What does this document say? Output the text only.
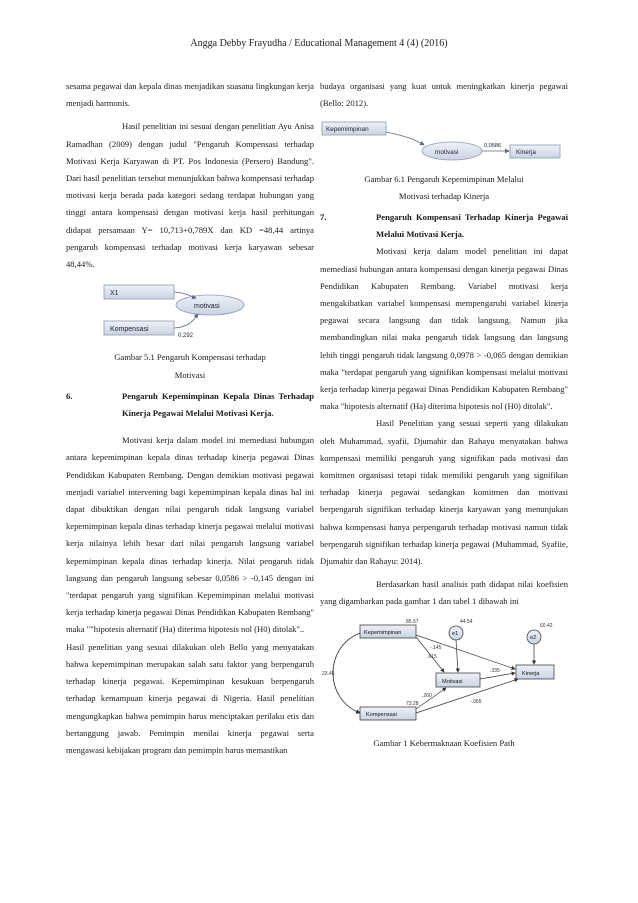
Angga Debby Frayudha / Educational Management 4 (4) (2016)

sesama pegawai dan kepala dinas menjadikan suasana lingkungan kerja menjadi harmonis.

Hasil penelitian ini sesuai dengan penelitian Ayu Anisa Ramadhan (2009) dengan judul "Pengaruh Kompensasi terhadap Motivasi Kerja Karyawan di PT. Pos Indonesia (Persero) Bandung". Dari hasil penelitian tersebut menunjukkan bahwa kompensasi terhadap motivasi kerja berada pada kategori sedang terdapat hubungan yang tinggi antara kompensasi dengan motivasi kerja hasil perhitungan didapat persamaan Y= 10,713+0,789X dan KD =48,44 artinya pengaruh kompensasi terhadap motivasi kerja karyawan sebesar 48,44%.

X1
motivasi
Kompensasi
0,292
Gambar 5.1 Pengaruh Kompensasi terhadap
Motivasi
6.	Pengaruh Kepemimpinan Kepala Dinas Terhadap Kinerja Pegawai Melalui Motivasi Kerja.

Motivasi kerja dalam model ini memediasi hubungan antara kepemimpinan kepala dinas terhadap kinerja pegawai Dinas Pendidikan Kabupaten Rembang. Dengan demikian motivasi pegawai menjadi variabel intervening bagi kepemimpinan kepala dinas hal ini dapat dibuktikan dengan nilai pengaruh tidak langsung variabel kepemimpinan kepala dinas terhadap kinerja pegawai melalui motivasi kerja nilainya lebih besar dari nilai pengaruh langsung variabel kepemimpinan kepala dinas terhadap kinerja. Nilai pengaruh tidak langsung dan pengaruh langsung sebesar 0,0586 > -0,145 dengan ini "terdapat pengaruh yang signifikan Kepemimpinan melalui motivasi kerja terhadap kinerja pegawai Dinas Pendidikan Kabupaten Rembang" maka ""hipotesis alternatif (Ha) diterima hipotesis nol (H0) ditolak"..

Hasil penelitian yang sesuai dilakukan oleh Bello yang menyatakan bahwa kepemimpinan merupakan salah satu faktor yang berpengaruh terhadap kinerja pegawai. Kepemimpinan kesukuan berpengaruh terhadap kemampuan kinerja pegawai di Nigeria. Hasil penelitian mengungkapkan bahwa pemimpin harus menciptakan perilaku etis dan bertanggung jawab. Pemimpin menilai kinerja pegawai serta mengawasi kebijakan program dan pemimpin harus memastikan

budaya organisasi yang kuat untuk meningkatkan kinerja pegawai (Bello: 2012).

Kepemimpinan
motivasi	Kinerja
0,0586
Gambar 6.1 Pengaruh Kepemimpinan Melalui
Motivasi terhadap Kinerja
7.	Pengaruh Kompensasi Terhadap Kinerja Pegawai Melalui Motivasi Kerja.

Motivasi kerja dalam model penelitian ini dapat memediasi hubungan antara kompensasi dengan kinerja pegawai Dinas Pendidikan Kabupaten Rembang. Variabel motivasi kerja mengakibatkan variabel kompensasi mempengaruhi variabel kinerja pegawai secara langsung dan tidak langsung. Namun jika membandingkan nilai maka pengaruh tidak langsung dan langsung lebih tinggi pengaruh tidak langsung 0,0978 > -0,065 dengan demikian maka "terdapat pengaruh yang signifikan kompensasi melalui motivasi kerja terhadap kinerja pegawai Dinas Pendidikan Kabupaten Rembang" maka "hipotesis alternatif (Ha) diterima hipotesis nol (H0) ditolak".

Hasil Penelitian yang sesuai seperti yang dilakukan oleh Muhammad, syafii, Djumahir dan Rahayu menyatakan bahwa kompensasi memiliki pengaruh yang signifikan pada motivasi dan komitmen organisasi tetapi tidak memiliki pengaruh yang signifikan terhadap kinerja pegawai sedangkan komitmen dan motivasi berpengaruh signifikan terhadap kinerja karyawan yang menunjukan bahwa kompensasi hanya perpengaruh terhadap motivasi namun tidak berpengaruh signifikan terhadap kinerja pegawai (Muhammad, Syafiie, Djumahir dan Rahayu: 2014).

Berdasarkan hasil analisis path didapat nilai koefisien yang digambarkan pada gambar 1 dan tabel 1 dibawah ini

23.45
Kepemimpinan
85.67
Kompensasi
73.28
e1
44.54
Motivasi
e2
60.42
Kinerja
-.145
.615
.260
-.065
.335
Gambar 1 Kebermaknaan Koefisien Path
